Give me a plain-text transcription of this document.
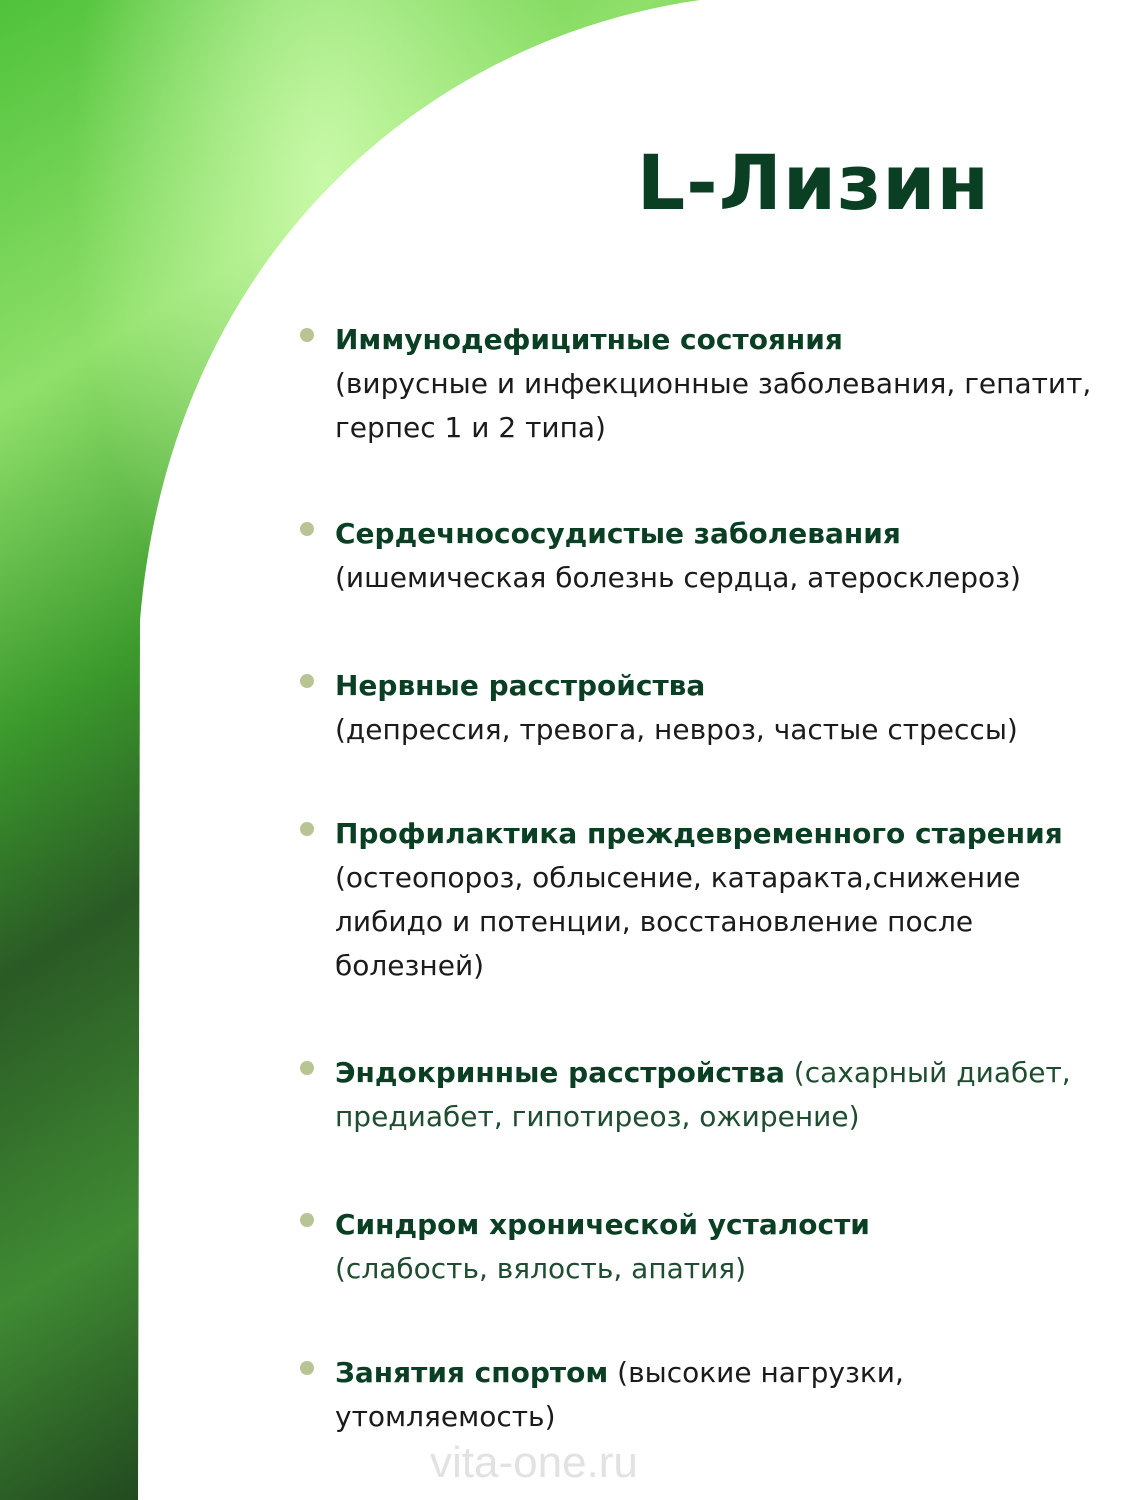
L-Лизин
Иммунодефицитные состояния
(вирусные и инфекционные заболевания, гепатит, герпес 1 и 2 типа)
Сердечнососудистые заболевания
(ишемическая болезнь сердца, атеросклероз)
Нервные расстройства
(депрессия, тревога, невроз, частые стрессы)
Профилактика преждевременного старения
(остеопороз, облысение, катаракта,снижение либидо и потенции, восстановление после болезней)
Эндокринные расстройства (сахарный диабет, предиабет, гипотиреоз, ожирение)
Синдром хронической усталости
(слабость, вялость, апатия)
Занятия спортом (высокие нагрузки, утомляемость)
vita-one.ru
